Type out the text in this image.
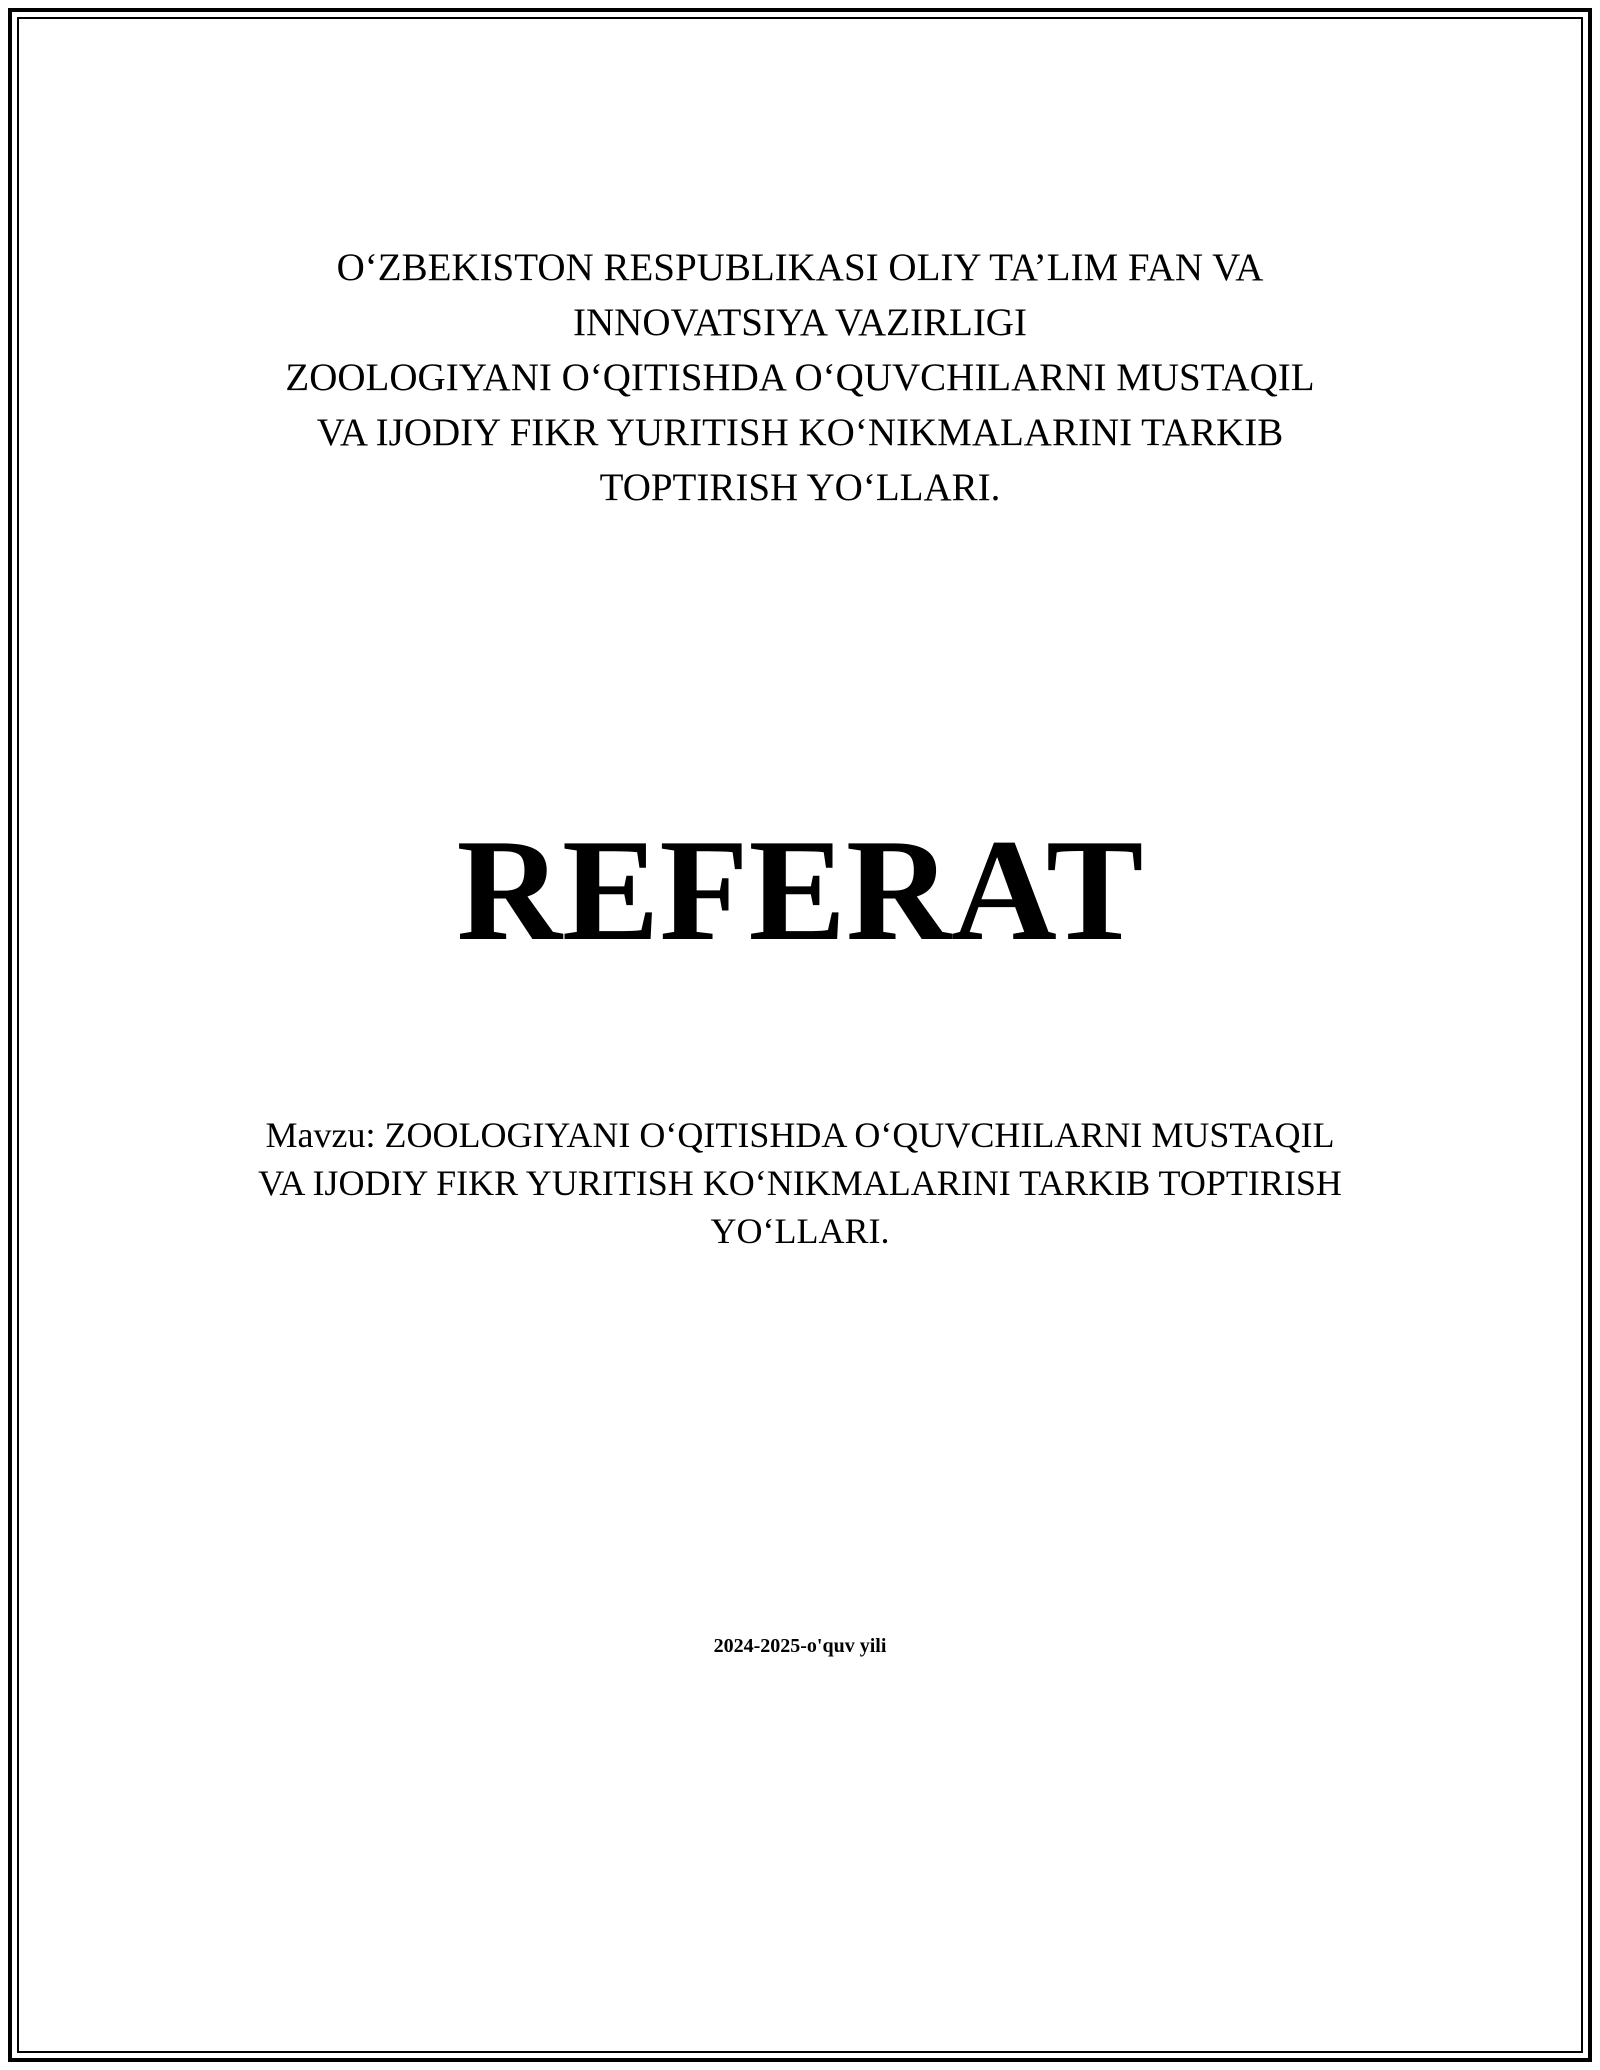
O‘ZBEKISTON RESPUBLIKASI OLIY TA’LIM FAN VA
INNOVATSIYA VAZIRLIGI
ZOOLOGIYANI O‘QITISHDA O‘QUVCHILARNI MUSTAQIL
VA IJODIY FIKR YURITISH KO‘NIKMALARINI TARKIB
TOPTIRISH YO‘LLARI.
REFERAT
Mavzu: ZOOLOGIYANI O‘QITISHDA O‘QUVCHILARNI MUSTAQIL
VA IJODIY FIKR YURITISH KO‘NIKMALARINI TARKIB TOPTIRISH
YO‘LLARI.
2024-2025-o'quv yili
